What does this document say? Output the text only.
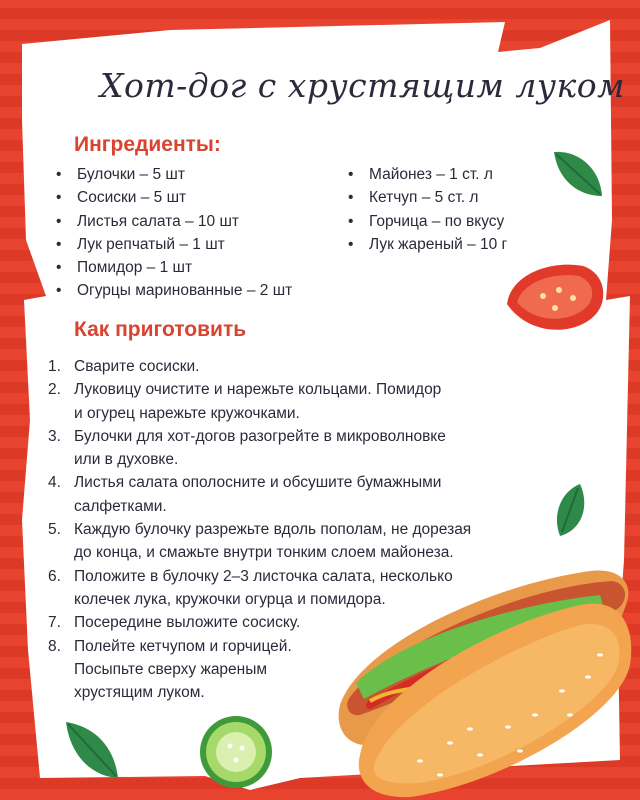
Хот-дог с хрустящим луком
Ингредиенты:
• Булочки – 5 шт
• Сосиски – 5 шт
• Листья салата – 10 шт
• Лук репчатый – 1 шт
• Помидор – 1 шт
• Огурцы маринованные – 2 шт
• Майонез – 1 ст. л
• Кетчуп – 5 ст. л
• Горчица – по вкусу
• Лук жареный – 10 г
Как приготовить
1. Сварите сосиски.
2. Луковицу очистите и нарежьте кольцами. Помидор
и огурец нарежьте кружочками.
3. Булочки для хот-догов разогрейте в микроволновке
или в духовке.
4. Листья салата ополосните и обсушите бумажными
салфетками.
5. Каждую булочку разрежьте вдоль пополам, не дорезая
до конца, и смажьте внутри тонким слоем майонеза.
6. Положите в булочку 2–3 листочка салата, несколько
колечек лука, кружочки огурца и помидора.
7. Посередине выложите сосиску.
8. Полейте кетчупом и горчицей.
Посыпьте сверху жареным
хрустящим луком.
